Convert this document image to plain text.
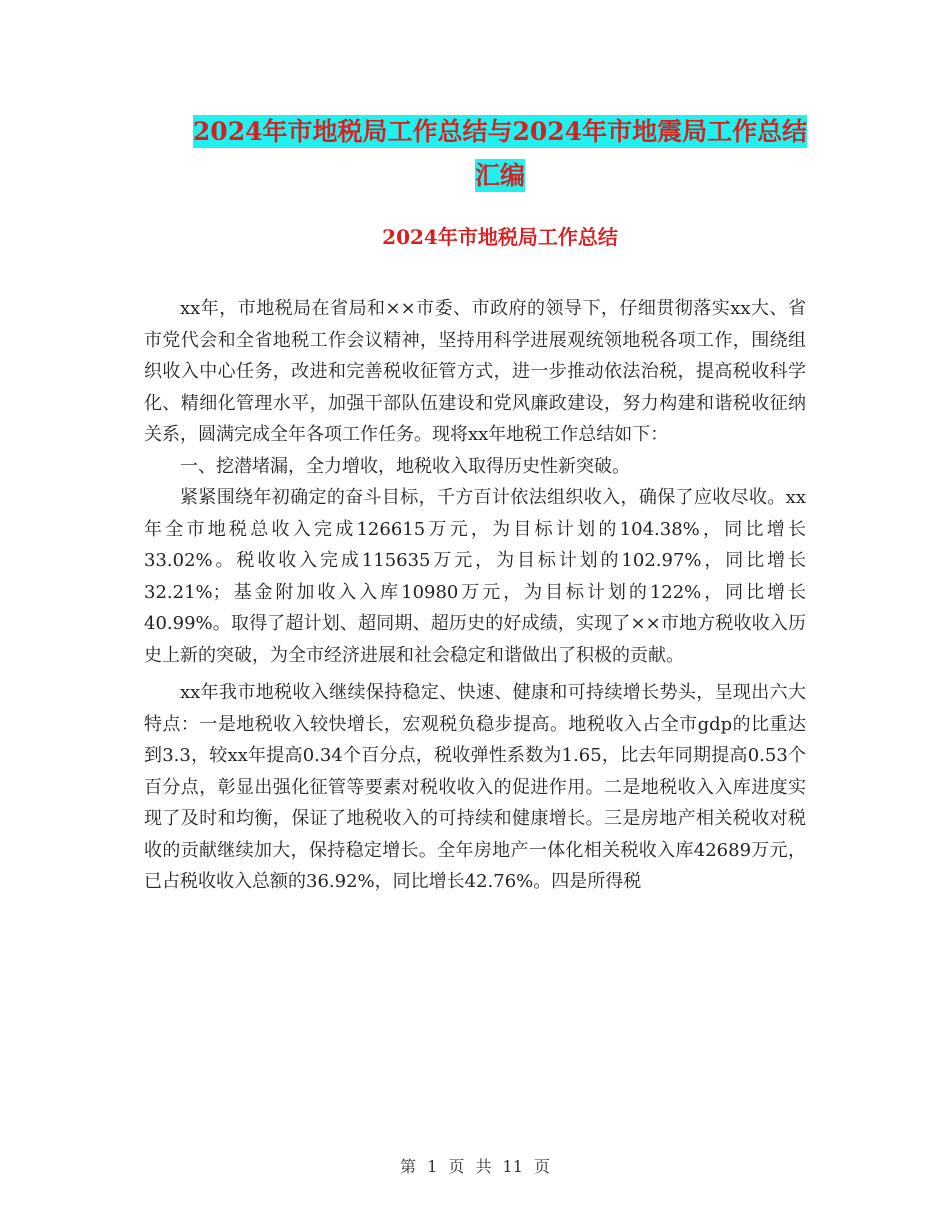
2024年市地税局工作总结与2024年市地震局工作总结
汇编
2024年市地税局工作总结

xx年，市地税局在省局和××市委、市政府的领导下，仔细贯彻落实xx大、省市党代会和全省地税工作会议精神，坚持用科学进展观统领地税各项工作，围绕组织收入中心任务，改进和完善税收征管方式，进一步推动依法治税，提高税收科学化、精细化管理水平，加强干部队伍建设和党风廉政建设，努力构建和谐税收征纳关系，圆满完成全年各项工作任务。现将xx年地税工作总结如下：

一、挖潜堵漏，全力增收，地税收入取得历史性新突破。

紧紧围绕年初确定的奋斗目标，千方百计依法组织收入，确保了应收尽收。xx年全市地税总收入完成126615万元，为目标计划的104.38%，同比增长33.02%。税收收入完成115635万元，为目标计划的102.97%，同比增长32.21%；基金附加收入入库10980万元，为目标计划的122%，同比增长40.99%。取得了超计划、超同期、超历史的好成绩，实现了××市地方税收收入历史上新的突破，为全市经济进展和社会稳定和谐做出了积极的贡献。

xx年我市地税收入继续保持稳定、快速、健康和可持续增长势头，呈现出六大特点：一是地税收入较快增长，宏观税负稳步提高。地税收入占全市gdp的比重达到3.3，较xx年提高0.34个百分点，税收弹性系数为1.65，比去年同期提高0.53个百分点，彰显出强化征管等要素对税收收入的促进作用。二是地税收入入库进度实现了及时和均衡，保证了地税收入的可持续和健康增长。三是房地产相关税收对税收的贡献继续加大，保持稳定增长。全年房地产一体化相关税收入库42689万元，已占税收收入总额的36.92%，同比增长42.76%。四是所得税

第 1 页 共 11 页
